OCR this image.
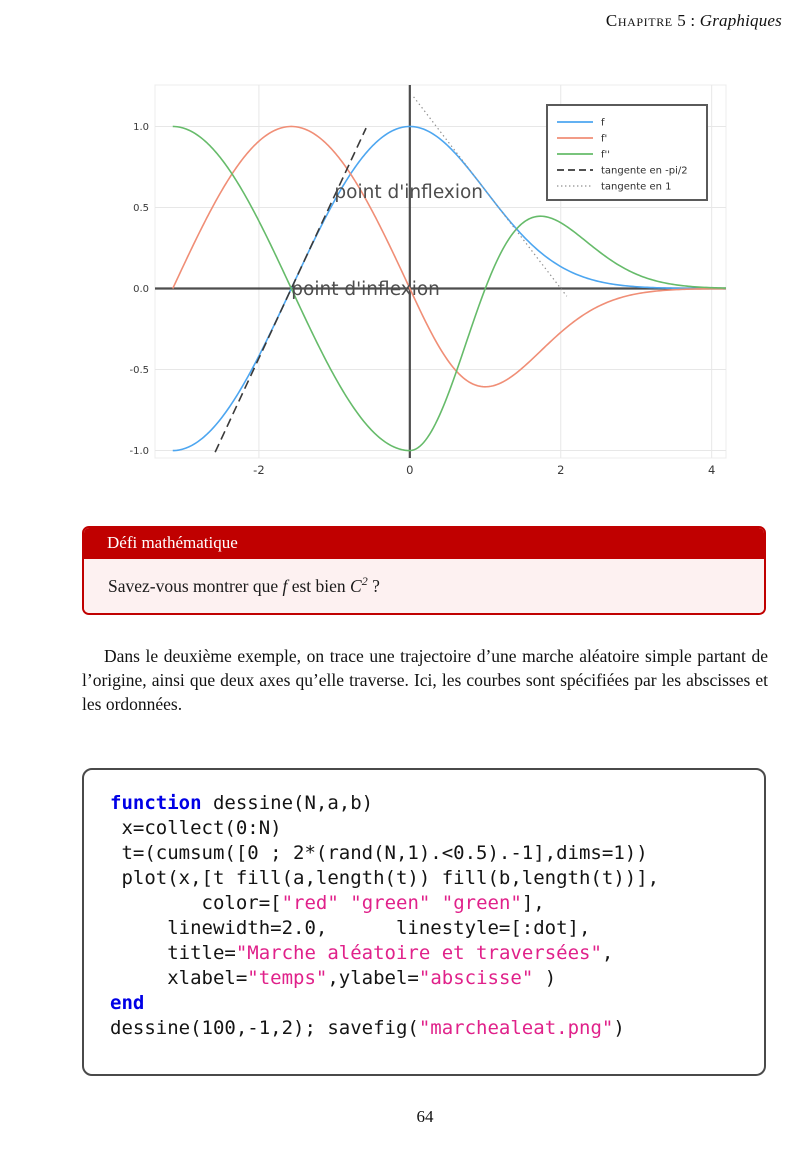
Chapitre 5 : Graphiques
-2	0	2	4
1.0
0.5
0.0
-0.5
-1.0
point d'inflexion
point d'inflexion
f
f'
f''
tangente en -pi/2
tangente en 1
Défi mathématique
Savez-vous montrer que f est bien $C^2$ ?

Dans le deuxième exemple, on trace une trajectoire d’une marche aléatoire simple partant de l’origine, ainsi que deux axes qu’elle traverse. Ici, les courbes sont spécifiées par les abscisses et les ordonnées.

function dessine(N,a,b)
x=collect(0:N)
t=(cumsum([0 ; 2*(rand(N,1).<0.5).-1],dims=1))
plot(x,[t fill(a,length(t)) fill(b,length(t))],
color=["red" "green" "green"],
linewidth=2.0,      linestyle=[:dot],
title="Marche aléatoire et traversées",
xlabel="temps",ylabel="abscisse" )
end
dessine(100,-1,2); savefig("marchealeat.png")
64
